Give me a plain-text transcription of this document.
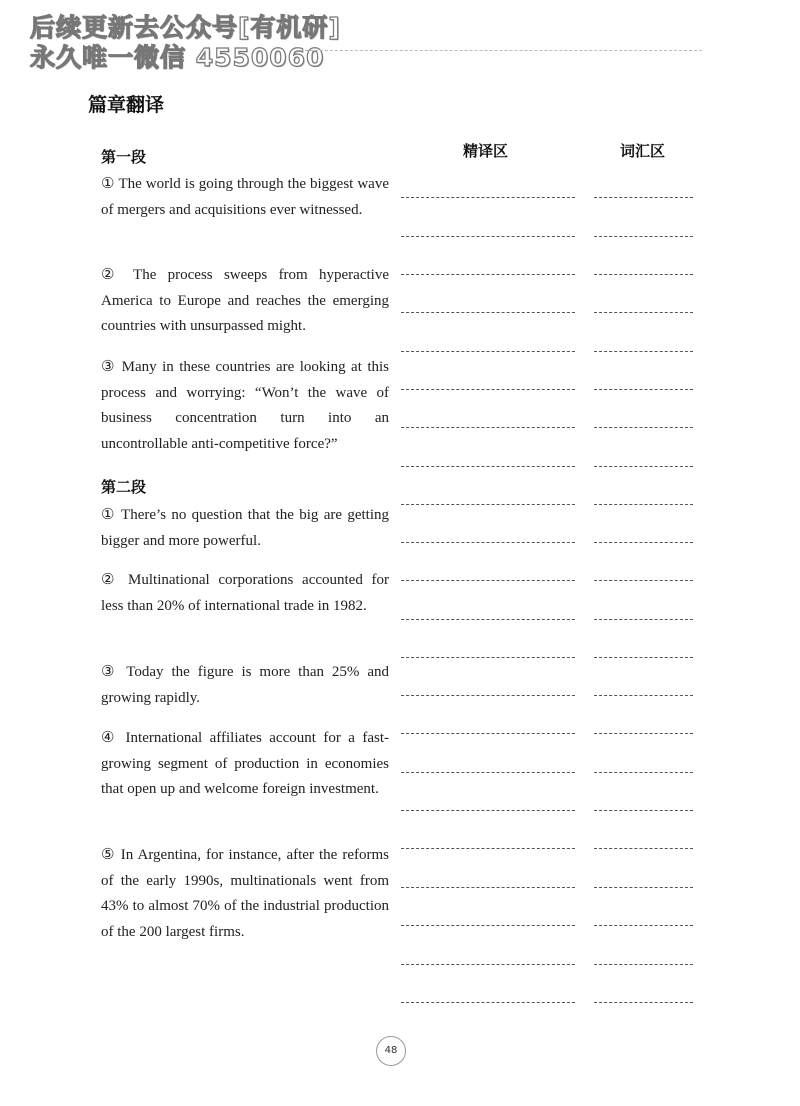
后续更新去公众号[有机研]
永久唯一微信 4550060
篇章翻译
精译区	词汇区
第一段
① The world is going through the biggest wave of mergers and acquisitions ever witnessed.
② The process sweeps from hyperactive America to Europe and reaches the emerging countries with unsurpassed might.
③ Many in these countries are looking at this process and worrying: “Won’t the wave of business concentration turn into an uncontrollable anti-competitive force?”
第二段
① There’s no question that the big are getting bigger and more powerful.
② Multinational corporations accounted for less than 20% of international trade in 1982.
③ Today the figure is more than 25% and growing rapidly.
④ International affiliates account for a fast-growing segment of production in economies that open up and welcome foreign investment.
⑤ In Argentina, for instance, after the reforms of the early 1990s, multinationals went from 43% to almost 70% of the industrial production of the 200 largest firms.
48
